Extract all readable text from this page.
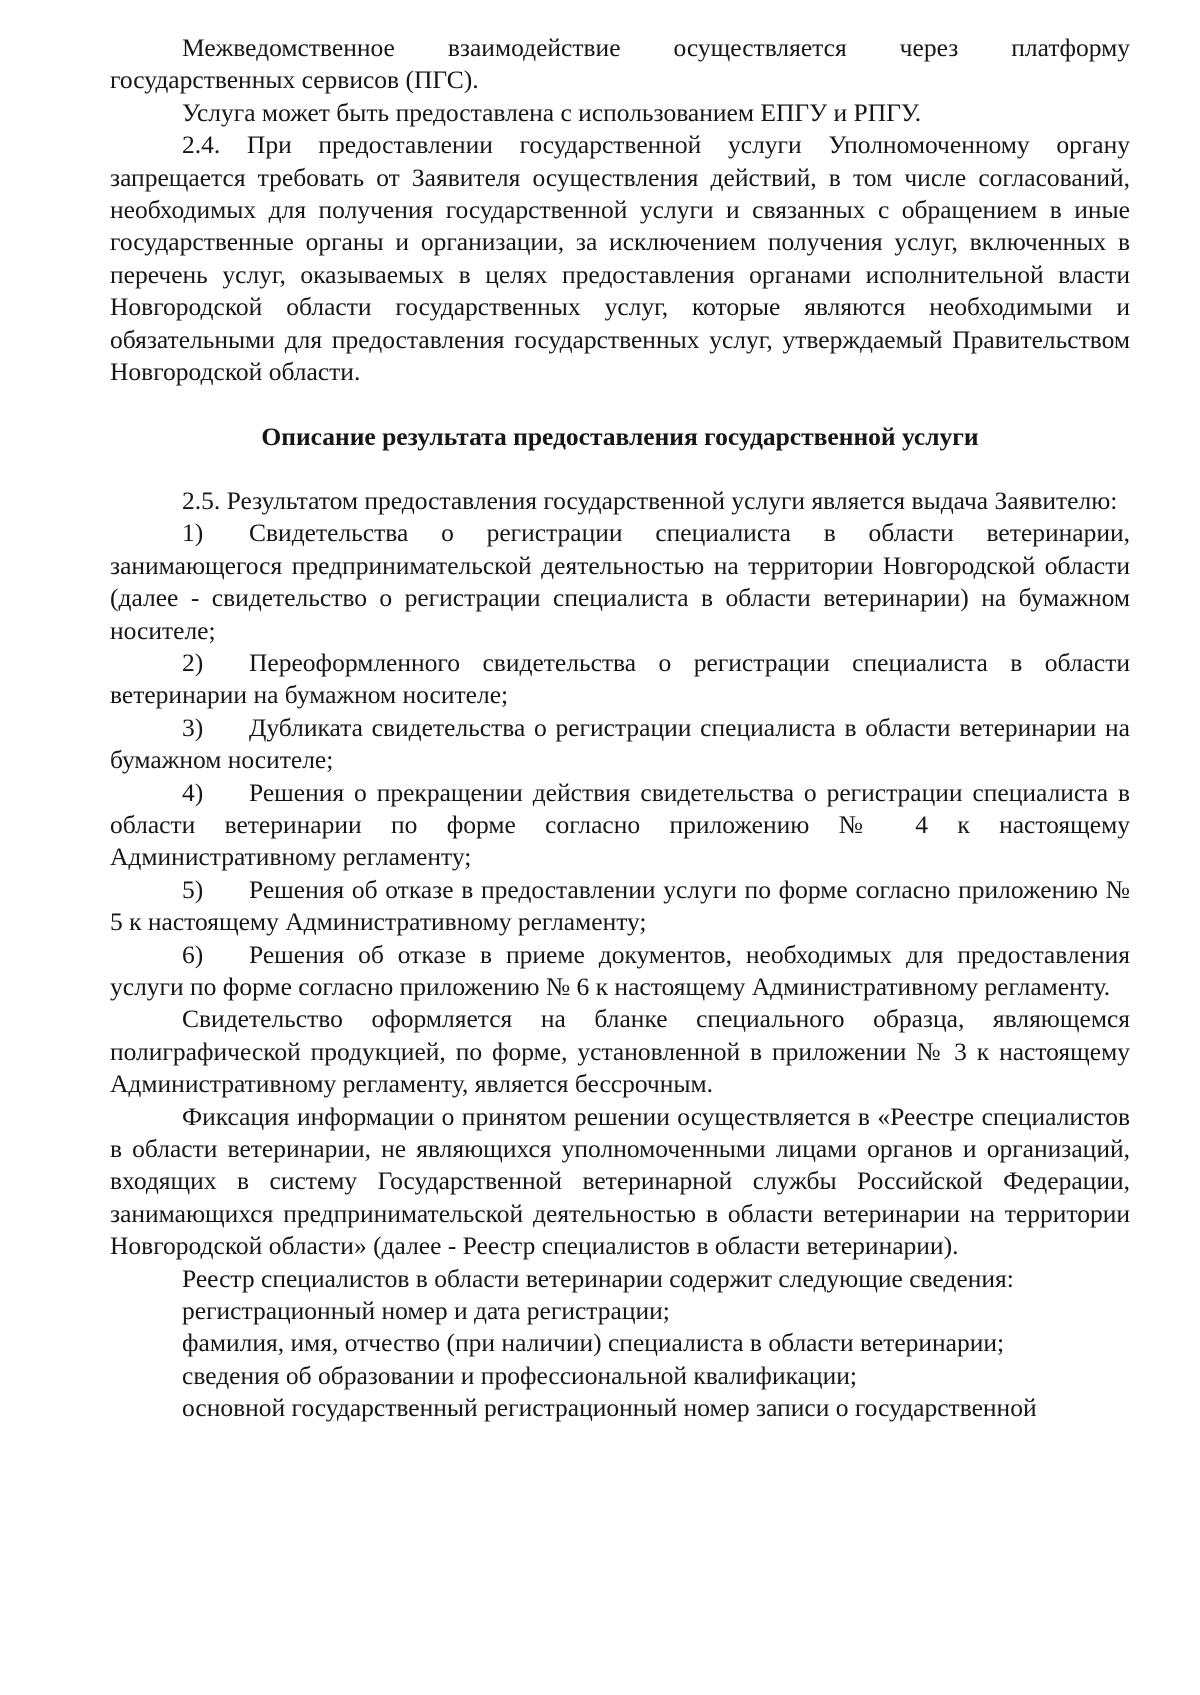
Межведомственное взаимодействие осуществляется через платформу государственных сервисов (ПГС).

Услуга может быть предоставлена с использованием ЕПГУ и РПГУ.

2.4. При предоставлении государственной услуги Уполномоченному органу запрещается требовать от Заявителя осуществления действий, в том числе согласований, необходимых для получения государственной услуги и связанных с обращением в иные государственные органы и организации, за исключением получения услуг, включенных в перечень услуг, оказываемых в целях предоставления органами исполнительной власти Новгородской области государственных услуг, которые являются необходимыми и обязательными для предоставления государственных услуг, утверждаемый Правительством Новгородской области.

Описание результата предоставления государственной услуги

2.5. Результатом предоставления государственной услуги является выдача Заявителю:

1) Свидетельства о регистрации специалиста в области ветеринарии, занимающегося предпринимательской деятельностью на территории Новгородской области (далее - свидетельство о регистрации специалиста в области ветеринарии) на бумажном носителе;

2) Переоформленного свидетельства о регистрации специалиста в области ветеринарии на бумажном носителе;

3) Дубликата свидетельства о регистрации специалиста в области ветеринарии на бумажном носителе;

4) Решения о прекращении действия свидетельства о регистрации специалиста в области ветеринарии по форме согласно приложению № 4 к настоящему Административному регламенту;

5) Решения об отказе в предоставлении услуги по форме согласно приложению № 5 к настоящему Административному регламенту;

6) Решения об отказе в приеме документов, необходимых для предоставления услуги по форме согласно приложению № 6 к настоящему Административному регламенту.

Свидетельство оформляется на бланке специального образца, являющемся полиграфической продукцией, по форме, установленной в приложении № 3 к настоящему Административному регламенту, является бессрочным.

Фиксация информации о принятом решении осуществляется в «Реестре специалистов в области ветеринарии, не являющихся уполномоченными лицами органов и организаций, входящих в систему Государственной ветеринарной службы Российской Федерации, занимающихся предпринимательской деятельностью в области ветеринарии на территории Новгородской области» (далее - Реестр специалистов в области ветеринарии).

Реестр специалистов в области ветеринарии содержит следующие сведения:

регистрационный номер и дата регистрации;

фамилия, имя, отчество (при наличии) специалиста в области ветеринарии;

сведения об образовании и профессиональной квалификации;

основной государственный регистрационный номер записи о государственной
